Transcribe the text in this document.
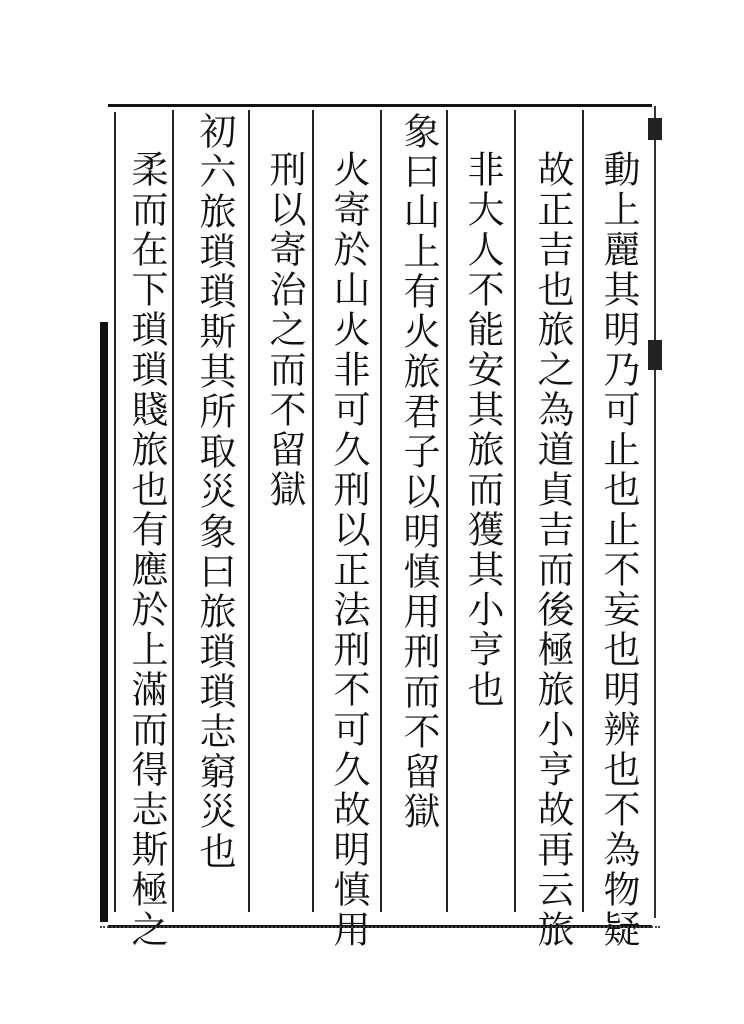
動上麗其明乃可止也止不妄也明辨也不為物疑
故正吉也旅之為道貞吉而後極旅小亨故再云旅
非大人不能安其旅而獲其小亨也
象曰山上有火旅君子以明慎用刑而不留獄
火寄於山火非可久刑以正法刑不可久故明慎用
刑以寄治之而不留獄
初六旅瑣瑣斯其所取災象曰旅瑣瑣志窮災也
柔而在下瑣瑣賤旅也有應於上滿而得志斯極之
